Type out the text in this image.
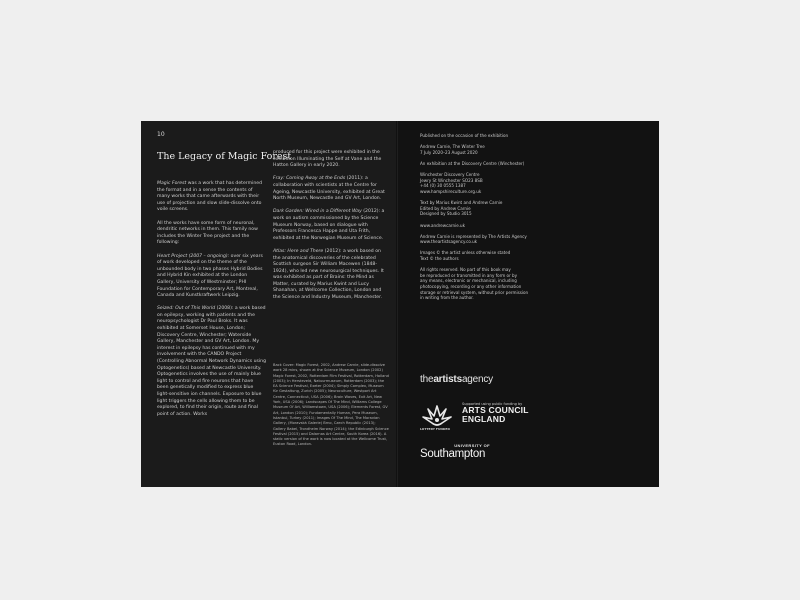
10
The Legacy of Magic Forest

Magic Forest was a work that has determined the format and in a sense the contents of many works that came afterwards with their use of projection and slow slide-dissolve onto voile screens.

All the works have some form of neuronal, dendritic networks in them. This family now includes the Winter Tree project and the following:

Heart Project (2007 – ongoing): over six years of work developed on the theme of the unbounded body in two phases Hybrid Bodies and Hybrid Kin exhibited at the London Gallery, University of Westminster; PHI Foundation for Contemporary Art, Montreal, Canada and Kunstkraftwerk Leipzig.

Seized: Out of This World (2008): a work based on epilepsy, working with patients and the neuropsychologist Dr Paul Broks. It was exhibited at Somerset House, London; Discovery Centre, Winchester; Waterside Gallery, Manchester and GV Art, London. My interest in epilepsy has continued with my involvement with the CANDO Project (Controlling Abnormal Network Dynamics using Optogenetics) based at Newcastle University. Optogenetics involves the use of mainly blue light to control and fire neurons that have been genetically modified to express blue light-sensitive ion channels. Exposure to blue light triggers the cells allowing them to be explored, to find their origin, route and final point of action. Works

produced for this project were exhibited in the exhibition Illuminating the Self at Vane and the Hatton Gallery in early 2020.

Fray: Coming Away at the Ends (2011): a collaboration with scientists at the Centre for Ageing, Newcastle University, exhibited at Great North Museum, Newcastle and GV Art, London.

Dark Garden: Wired in a Different Way (2012): a work on autism commissioned by the Science Museum Norway, based on dialogue with Professors Francesca Happe and Uta Frith, exhibited at the Norwegian Museum of Science.

Atlas: Here and There (2012): a work based on the anatomical discoveries of the celebrated Scottish surgeon Sir William Macewen (1848-1924), who led new neurosurgical techniques. It was exhibited as part of Brains: the Mind as Matter, curated by Marius Kwint and Lucy Shanahan, at Wellcome Collection, London and the Science and Industry Museum, Manchester.

Back Cover: Magic Forest, 2002, Andrew Carnie, slide-dissolve work 28 mins, shown at the Science Museum, London (2002) Magic Forest, 2002, Rotterdam Film Festival, Rotterdam, Holland (2003); In Hersteveld, Natuurmuseum, Rotterdam (2003); the EA Science Festival, Exeter (2004); Simply Complex, Museum für Gestaltung, Zurich (2005); Neuroculture, Westport Art Centre, Connecticut, USA (2006); Brain Waves, Exit Art, New York, USA (2006); Landscapes Of The Mind, Williams College Museum Of Art, Williamstown, USA (2006); Elements Forest, GV Art, London (2010); Fundamentally Human, Pera Museum, Istanbul, Turkey (2011); Images Of The Mind, The Moravian Gallery, (Moravská Galerie) Brno, Czech Republic (2013); Gallery Babel, Trondheim Norway (2014); the Edinburgh Science Festival (2015) and Dalarnas Art Centre, South Korea (2016). A static version of the work is now located at the Wellcome Trust, Euston Road, London.
Published on the occasion of the exhibition
Andrew Carnie, The Winter Tree
7 July 2020–23 August 2020
An exhibition at the Discovery Centre (Winchester)
Winchester Discovery Centre
Jewry St Winchester SO23 8SB
+44 (0) 30 0555 1387
www.hampshireculture.org.uk
Text by Marius Kwint and Andrew Carnie
Edited by Andrew Carnie
Designed by Studio 3015
www.andrewcarnie.uk
Andrew Carnie is represented by The Artists Agency
www.theartistsagency.co.uk
Images © the artist unless otherwise stated
Text © the authors
All rights reserved. No part of this book may
be reproduced or transmitted in any form or by
any means, electronic or mechanical, including
photocopying, recording or any other information
storage or retrieval system, without prior permission
in writing from the author.
theartistsagency
LOTTERY FUNDED
Supported using public funding by
ARTS COUNCIL
ENGLAND
UNIVERSITY OF
Southampton
